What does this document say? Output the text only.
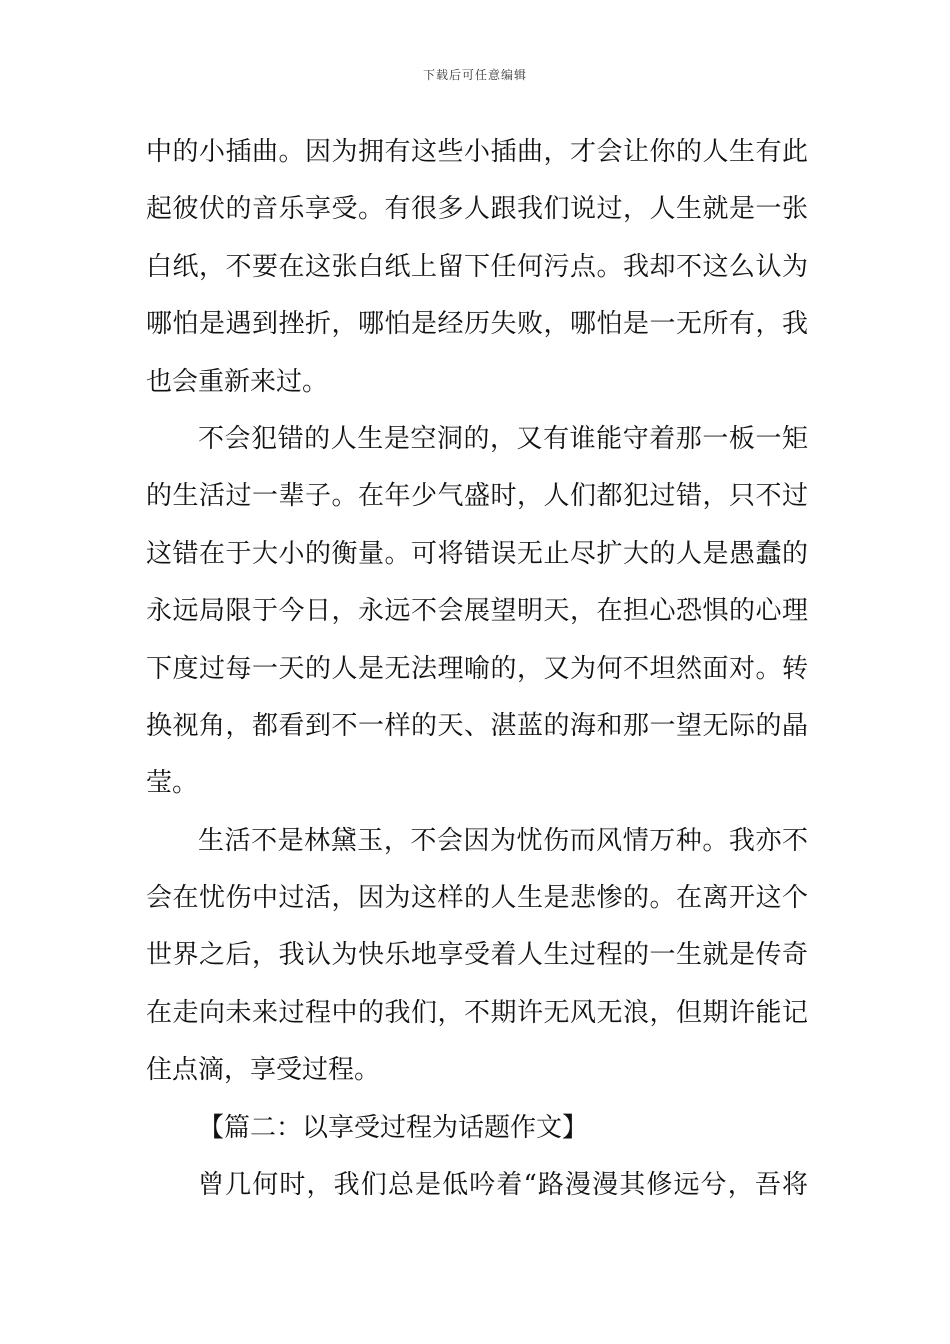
下载后可任意编辑
中的小插曲。因为拥有这些小插曲，才会让你的人生有此
起彼伏的音乐享受。有很多人跟我们说过，人生就是一张
白纸，不要在这张白纸上留下任何污点。我却不这么认为
哪怕是遇到挫折，哪怕是经历失败，哪怕是一无所有，我
也会重新来过。
不会犯错的人生是空洞的，又有谁能守着那一板一矩
的生活过一辈子。在年少气盛时，人们都犯过错，只不过
这错在于大小的衡量。可将错误无止尽扩大的人是愚蠢的
永远局限于今日，永远不会展望明天，在担心恐惧的心理
下度过每一天的人是无法理喻的，又为何不坦然面对。转
换视角，都看到不一样的天、湛蓝的海和那一望无际的晶
莹。
生活不是林黛玉，不会因为忧伤而风情万种。我亦不
会在忧伤中过活，因为这样的人生是悲惨的。在离开这个
世界之后，我认为快乐地享受着人生过程的一生就是传奇
在走向未来过程中的我们，不期许无风无浪，但期许能记
住点滴，享受过程。
【篇二：以享受过程为话题作文】
曾几何时，我们总是低吟着“路漫漫其修远兮，吾将
